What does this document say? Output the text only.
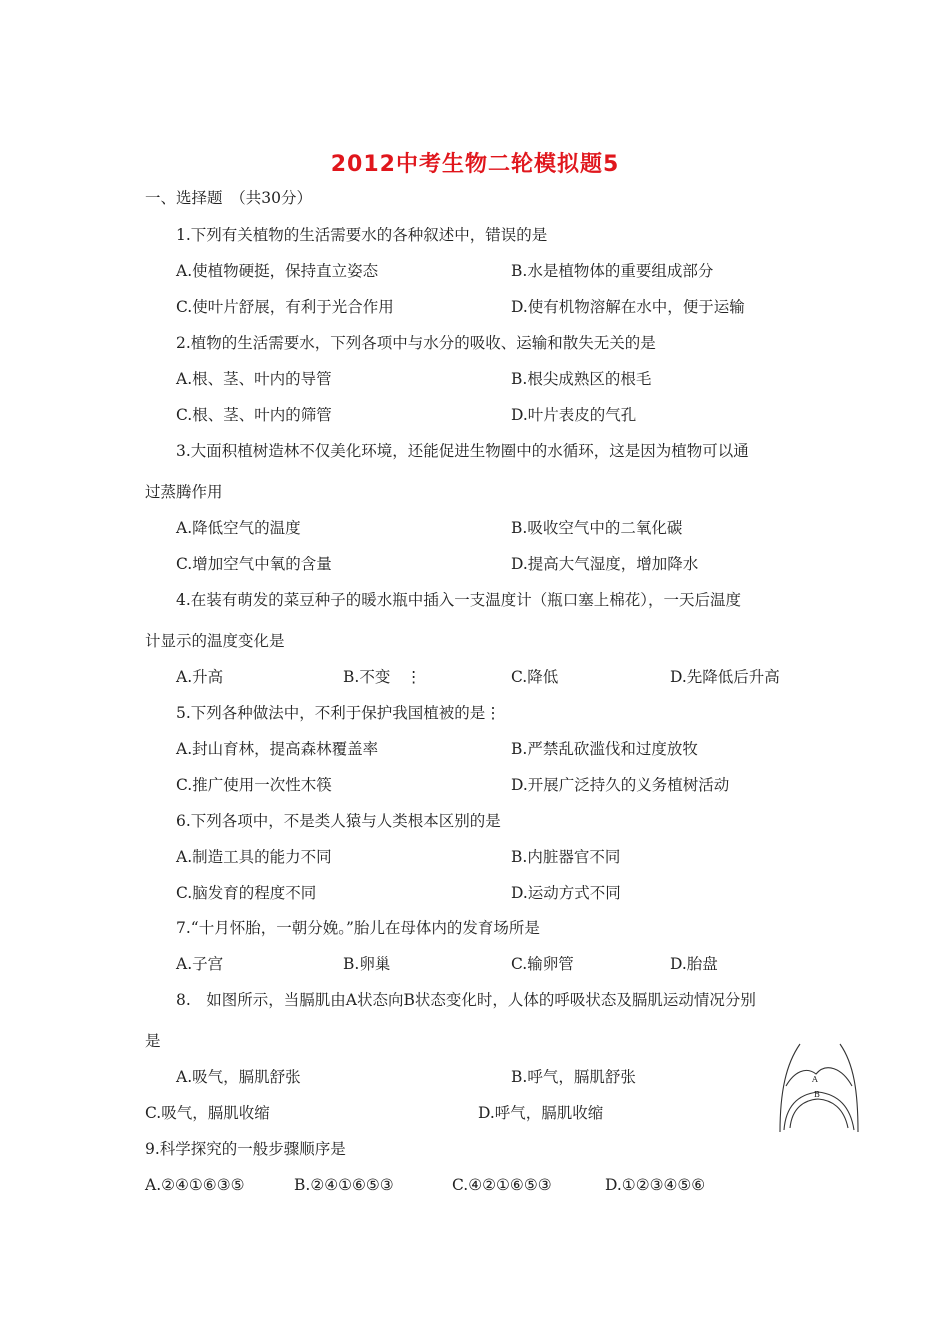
2012中考生物二轮模拟题5
一、选择题　（共30分）
1.下列有关植物的生活需要水的各种叙述中，错误的是
A.使植物硬挺，保持直立姿态	B.水是植物体的重要组成部分
C.使叶片舒展，有利于光合作用	D.使有机物溶解在水中，便于运输
2.植物的生活需要水，下列各项中与水分的吸收、运输和散失无关的是
A.根、茎、叶内的导管	B.根尖成熟区的根毛
C.根、茎、叶内的筛管	D.叶片表皮的气孔
3.大面积植树造林不仅美化环境，还能促进生物圈中的水循环，这是因为植物可以通
过蒸腾作用
A.降低空气的温度	B.吸收空气中的二氧化碳
C.增加空气中氧的含量	D.提高大气湿度，增加降水
4.在装有萌发的菜豆种子的暖水瓶中插入一支温度计（瓶口塞上棉花），一天后温度
计显示的温度变化是
A.升高	B.不变　⋮	C.降低	D.先降低后升高
5.下列各种做法中，不利于保护我国植被的是⋮
A.封山育林，提高森林覆盖率	B.严禁乱砍滥伐和过度放牧
C.推广使用一次性木筷	D.开展广泛持久的义务植树活动
6.下列各项中，不是类人猿与人类根本区别的是
A.制造工具的能力不同	B.内脏器官不同
C.脑发育的程度不同	D.运动方式不同
7.“十月怀胎，一朝分娩。”胎儿在母体内的发育场所是
A.子宫	B.卵巢	C.输卵管	D.胎盘
8.　如图所示，当膈肌由A状态向B状态变化时，人体的呼吸状态及膈肌运动情况分别
是
A.吸气，膈肌舒张	B.呼气，膈肌舒张
C.吸气，膈肌收缩	D.呼气，膈肌收缩
A
B
9.科学探究的一般步骤顺序是
A.②④①⑥③⑤	B.②④①⑥⑤③	C.④②①⑥⑤③	D.①②③④⑤⑥
